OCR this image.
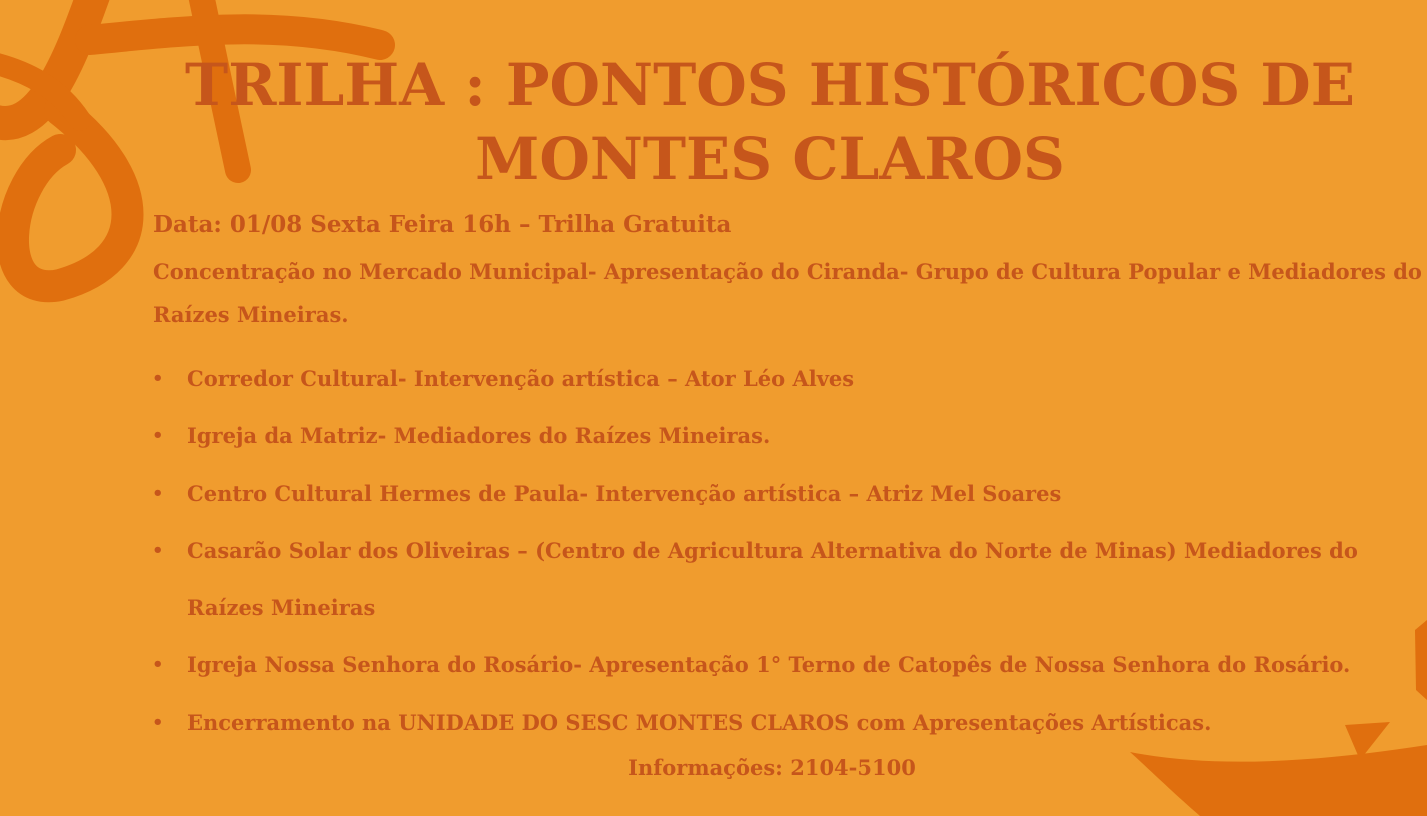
TRILHA : PONTOS HISTÓRICOS DE MONTES CLAROS

Data: 01/08 Sexta Feira 16h – Trilha Gratuita

Concentração no Mercado Municipal- Apresentação do Ciranda- Grupo de Cultura Popular e Mediadores do

Raízes Mineiras.

• Corredor Cultural- Intervenção artística – Ator Léo Alves
• Igreja da Matriz- Mediadores do Raízes Mineiras.
• Centro Cultural Hermes de Paula- Intervenção artística – Atriz Mel Soares
• Casarão Solar dos Oliveiras – (Centro de Agricultura Alternativa do Norte de Minas) Mediadores do
Raízes Mineiras
• Igreja Nossa Senhora do Rosário- Apresentação 1° Terno de Catopês de Nossa Senhora do Rosário.
• Encerramento na UNIDADE DO SESC MONTES CLAROS com Apresentações Artísticas.

Informações: 2104-5100
